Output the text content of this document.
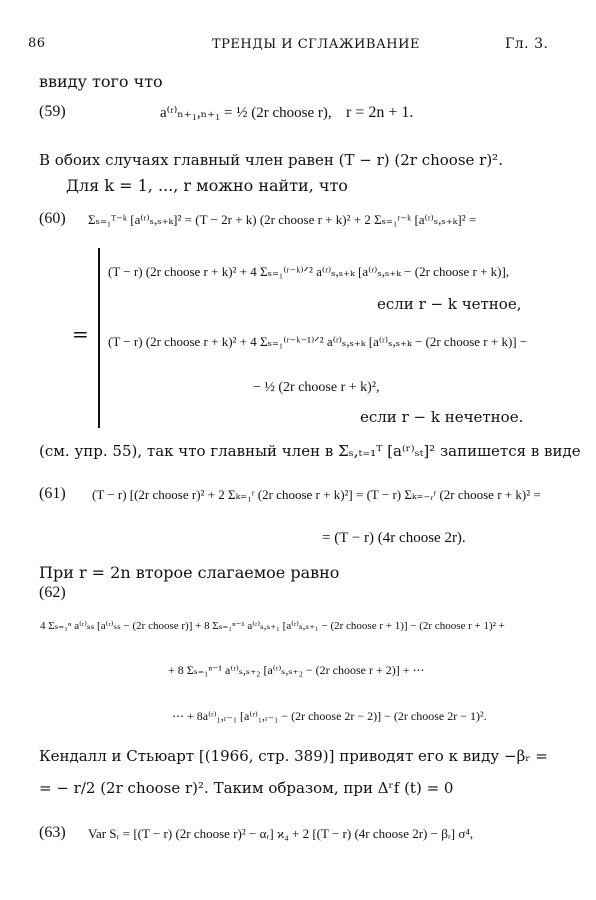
86	ТРЕНДЫ И СГЛАЖИВАНИЕ	Гл. 3.
ввиду того что
(59)	a⁽ʳ⁾ₙ₊₁,ₙ₊₁ = ½ (2r choose r), r = 2n + 1.
В обоих случаях главный член равен (T − r) (2r choose r)².
Для k = 1, ..., r можно найти, что
(60) Σₛ₌₁ᵀ⁻ᵏ [a⁽ʳ⁾ₛ,ₛ₊ₖ]² = (T − 2r + k) (2r choose r + k)² + 2 Σₛ₌₁ʳ⁻ᵏ [a⁽ʳ⁾ₛ,ₛ₊ₖ]² =
=
(T − r) (2r choose r + k)² + 4 Σₛ₌₁⁽ʳ⁻ᵏ⁾ᐟ² a⁽ʳ⁾ₛ,ₛ₊ₖ [a⁽ʳ⁾ₛ,ₛ₊ₖ − (2r choose r + k)],
если r − k четное,
(T − r) (2r choose r + k)² + 4 Σₛ₌₁⁽ʳ⁻ᵏ⁻¹⁾ᐟ² a⁽ʳ⁾ₛ,ₛ₊ₖ [a⁽ʳ⁾ₛ,ₛ₊ₖ − (2r choose r + k)] −
− ½ (2r choose r + k)²,
если r − k нечетное.
(см. упр. 55), так что главный член в Σₛ,ₜ₌₁ᵀ [a⁽ʳ⁾ₛₜ]² запишется в виде
(61) (T − r) [(2r choose r)² + 2 Σₖ₌₁ʳ (2r choose r + k)²] = (T − r) Σₖ₌₋ᵣʳ (2r choose r + k)² =
= (T − r) (4r choose 2r).
При r = 2n второе слагаемое равно
(62)
4 Σₛ₌₁ⁿ a⁽ʳ⁾ₛₛ [a⁽ʳ⁾ₛₛ − (2r choose r)] + 8 Σₛ₌₁ⁿ⁻¹ a⁽ʳ⁾ₛ,ₛ₊₁ [a⁽ʳ⁾ₛ,ₛ₊₁ − (2r choose r + 1)] − (2r choose r + 1)² +
+ 8 Σₛ₌₁ⁿ⁻¹ a⁽ʳ⁾ₛ,ₛ₊₂ [a⁽ʳ⁾ₛ,ₛ₊₂ − (2r choose r + 2)] + ⋯
⋯ + 8a⁽ʳ⁾₁,ᵣ₋₁ [a⁽ʳ⁾₁,ᵣ₋₁ − (2r choose 2r − 2)] − (2r choose 2r − 1)².
Кендалл и Стьюарт [(1966, стр. 389)] приводят его к виду −βᵣ =
= − r/2 (2r choose r)². Таким образом, при Δʳf (t) = 0
(63) Var Sᵣ = [(T − r) (2r choose r)² − αᵣ] ϰ₄ + 2 [(T − r) (4r choose 2r) − βᵣ] σ⁴,
